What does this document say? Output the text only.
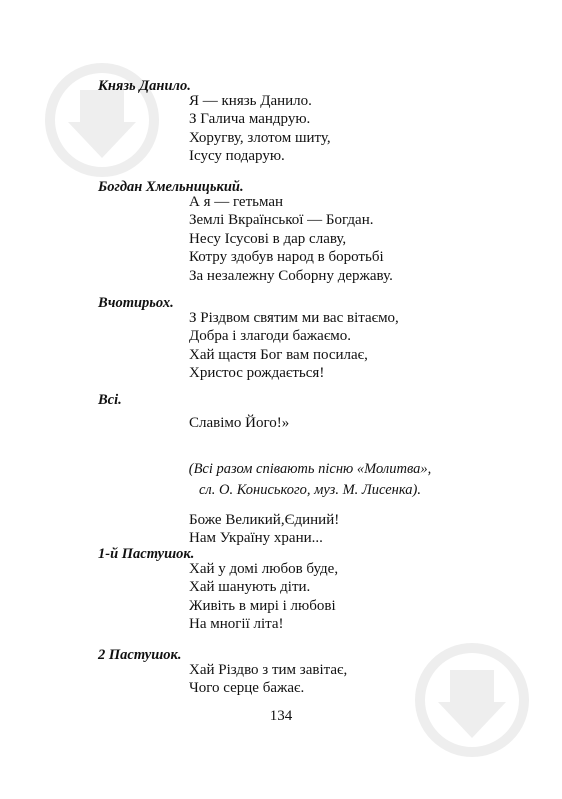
Князь Данило.
Я — князь Данило.
З Галича мандрую.
Хоругву, злотом шиту,
Ісусу подарую.
Богдан Хмельницький.
А я — гетьман
Землі Вкраїнської — Богдан.
Несу Ісусові в дар славу,
Котру здобув народ в боротьбі
За незалежну Соборну державу.
Вчотирьох.
З Різдвом святим ми вас вітаємо,
Добра і злагоди бажаємо.
Хай щастя Бог вам посилає,
Христос рождається!
Всі.
Славімо Його!»
(Всі разом співають пісню «Молитва»,
сл. О. Кониського, муз. М. Лисенка).
Боже Великий,Єдиний!
Нам Україну храни...
1-й Пастушок.
Хай у домі любов буде,
Хай шанують діти.
Живіть в мирі і любові
На многії літа!
2 Пастушок.
Хай Різдво з тим завітає,
Чого серце бажає.
134
